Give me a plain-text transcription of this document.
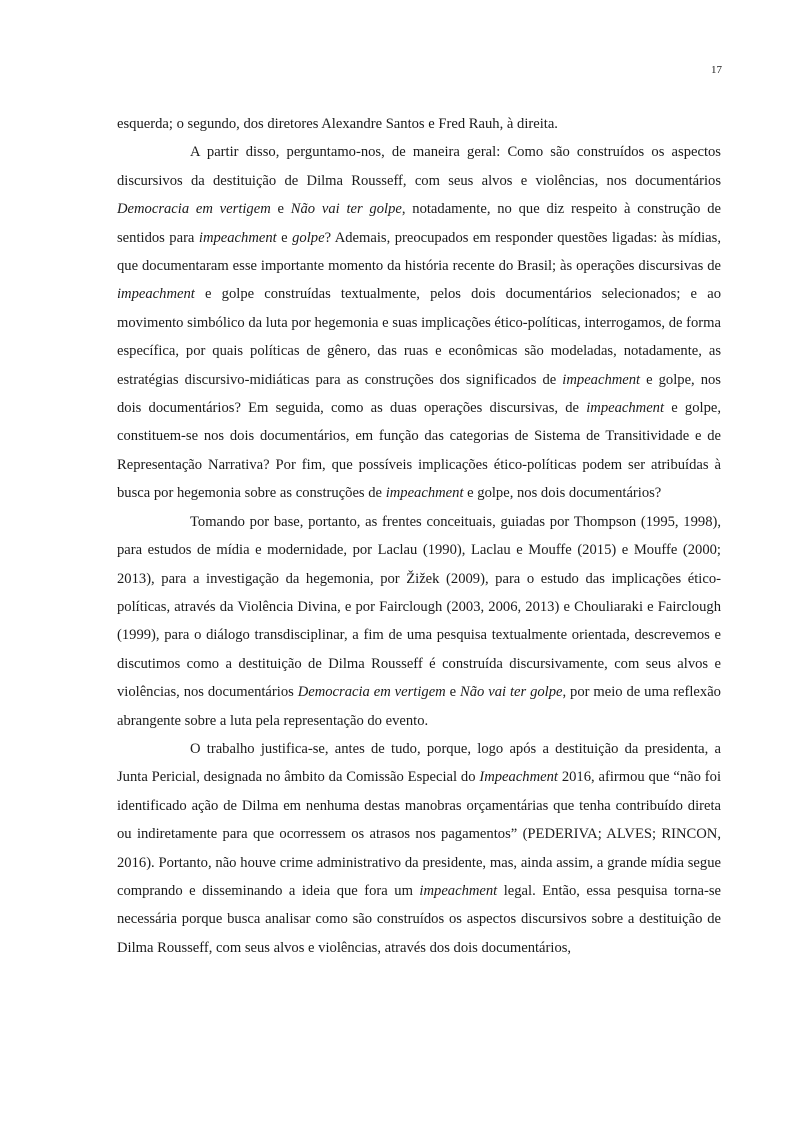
17

esquerda; o segundo, dos diretores Alexandre Santos e Fred Rauh, à direita.

A partir disso, perguntamo-nos, de maneira geral: Como são construídos os aspectos discursivos da destituição de Dilma Rousseff, com seus alvos e violências, nos documentários Democracia em vertigem e Não vai ter golpe, notadamente, no que diz respeito à construção de sentidos para impeachment e golpe? Ademais, preocupados em responder questões ligadas: às mídias, que documentaram esse importante momento da história recente do Brasil; às operações discursivas de impeachment e golpe construídas textualmente, pelos dois documentários selecionados; e ao movimento simbólico da luta por hegemonia e suas implicações ético-políticas, interrogamos, de forma específica, por quais políticas de gênero, das ruas e econômicas são modeladas, notadamente, as estratégias discursivo-midiáticas para as construções dos significados de impeachment e golpe, nos dois documentários? Em seguida, como as duas operações discursivas, de impeachment e golpe, constituem-se nos dois documentários, em função das categorias de Sistema de Transitividade e de Representação Narrativa? Por fim, que possíveis implicações ético-políticas podem ser atribuídas à busca por hegemonia sobre as construções de impeachment e golpe, nos dois documentários?

Tomando por base, portanto, as frentes conceituais, guiadas por Thompson (1995, 1998), para estudos de mídia e modernidade, por Laclau (1990), Laclau e Mouffe (2015) e Mouffe (2000; 2013), para a investigação da hegemonia, por Žižek (2009), para o estudo das implicações ético-políticas, através da Violência Divina, e por Fairclough (2003, 2006, 2013) e Chouliaraki e Fairclough (1999), para o diálogo transdisciplinar, a fim de uma pesquisa textualmente orientada, descrevemos e discutimos como a destituição de Dilma Rousseff é construída discursivamente, com seus alvos e violências, nos documentários Democracia em vertigem e Não vai ter golpe, por meio de uma reflexão abrangente sobre a luta pela representação do evento.

O trabalho justifica-se, antes de tudo, porque, logo após a destituição da presidenta, a Junta Pericial, designada no âmbito da Comissão Especial do Impeachment 2016, afirmou que “não foi identificado ação de Dilma em nenhuma destas manobras orçamentárias que tenha contribuído direta ou indiretamente para que ocorressem os atrasos nos pagamentos” (PEDERIVA; ALVES; RINCON, 2016). Portanto, não houve crime administrativo da presidente, mas, ainda assim, a grande mídia segue comprando e disseminando a ideia que fora um impeachment legal. Então, essa pesquisa torna-se necessária porque busca analisar como são construídos os aspectos discursivos sobre a destituição de Dilma Rousseff, com seus alvos e violências, através dos dois documentários,
